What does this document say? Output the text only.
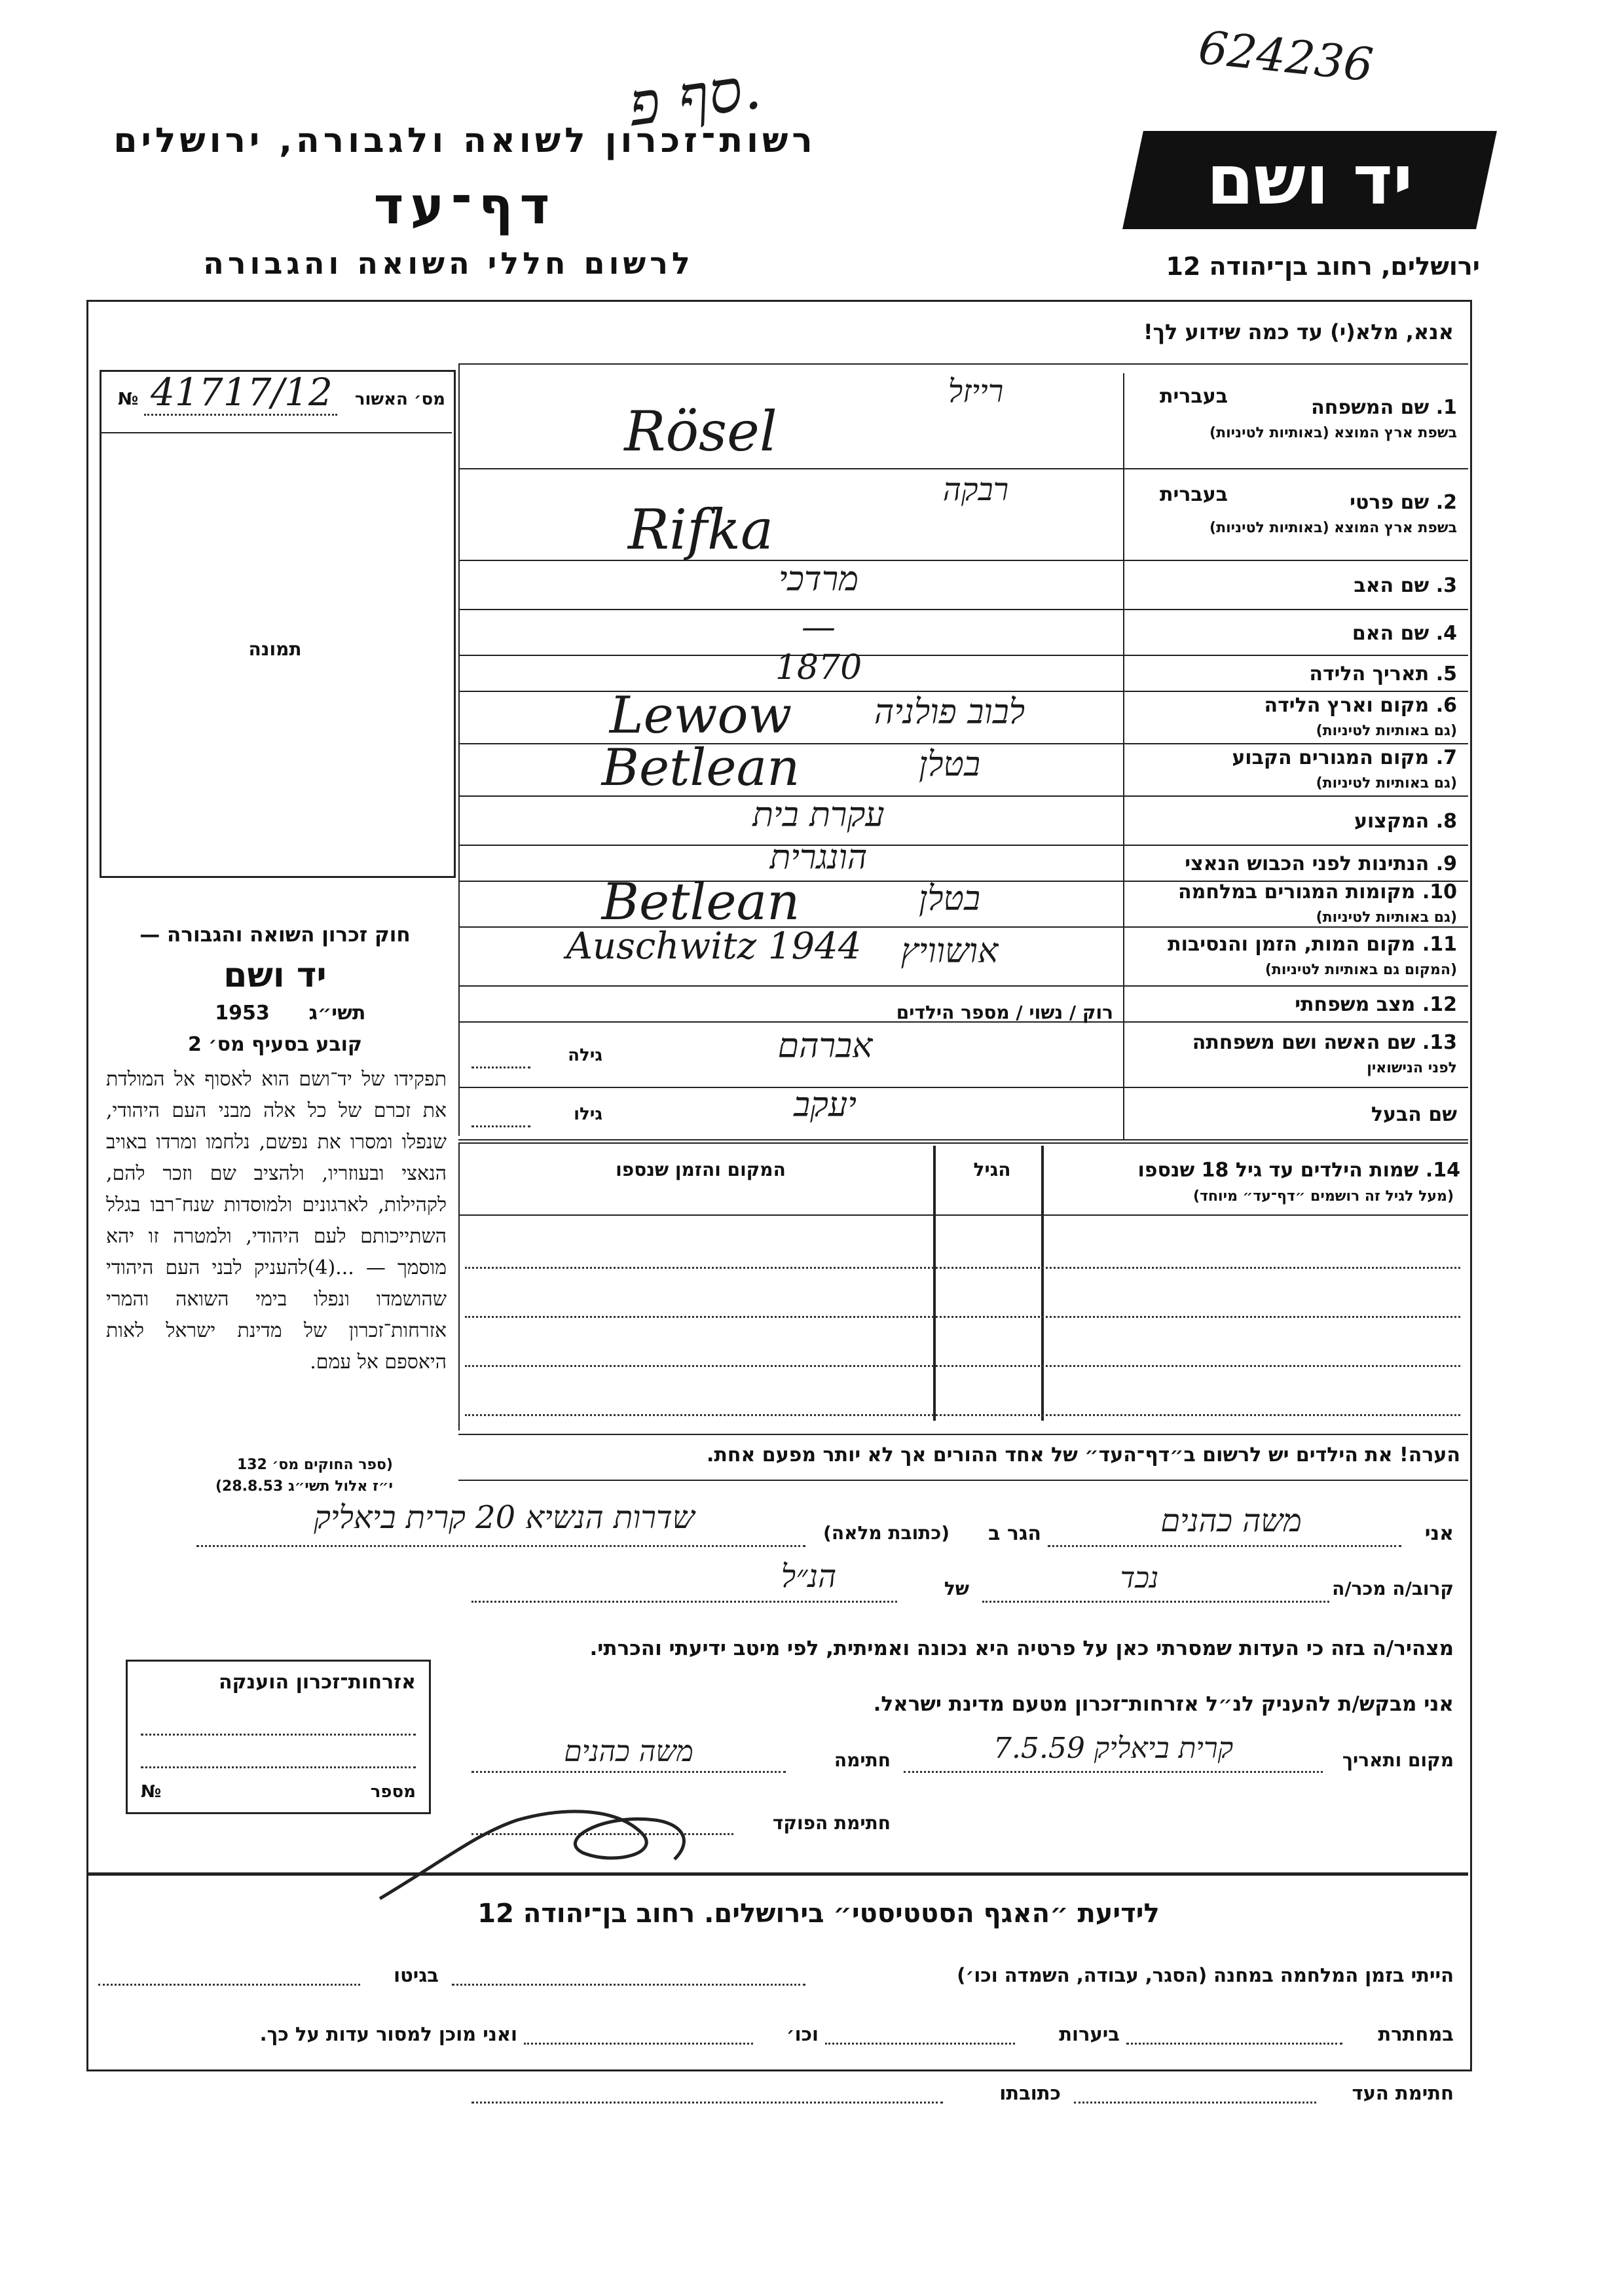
סף פ.	624236
רשות־זכרון לשואה ולגבורה, ירושלים
דף־עד
לרשום חללי השואה והגבורה
יד ושם
ירושלים, רחוב בן־יהודה 12
אנא, מלא(י) עד כמה שידוע לך!
מס׳ האשור
№ 41717/12
תמונה
חוק זכרון השואה והגבורה —
יד ושם
תשי״ג
1953
קובע בסעיף מס׳ 2
תפקידו של יד־ושם הוא לאסוף אל המולדת את זכרם של כל אלה מבני העם היהודי, שנפלו ומסרו את נפשם, נלחמו ומרדו באויב הנאצי ובעוזריו, ולהציב שם וזכר להם, לקהילות, לארגונים ולמוסדות שנח־רבו בגלל השתייכותם לעם היהודי, ולמטרה זו יהא מוסמך — ...(4)להעניק לבני העם היהודי שהושמדו ונפלו בימי השואה והמרי אזרחות־זכרון של מדינת ישראל לאות היאספם אל עמם.
(ספר החוקים מס׳ 132
י״ז אלול תשי״ג 28.8.53)
1. שם המשפחה
בשפת ארץ המוצא (באותיות לטיניות)
בעברית
רייזל
Rösel
2. שם פרטי
בשפת ארץ המוצא (באותיות לטיניות)
בעברית
רבקה
Rifka
3. שם האב
מרדכי
4. שם האם
—
5. תאריך הלידה
1870
6. מקום וארץ הלידה
(גם באותיות לטיניות)
Lewow	לבוב פולניה
7. מקום המגורים הקבוע
(גם באותיות לטיניות)
Betlean	בטלן
8. המקצוע
עקרת בית
9. הנתינות לפני הכבוש הנאצי
הונגרית
10. מקומות המגורים במלחמה
(גם באותיות לטיניות)
Betlean	בטלן
11. מקום המות, הזמן והנסיבות
(המקום גם באותיות לטיניות)
Auschwitz 1944	אושוויץ
12. מצב משפחתי
רוק / נשוי / מספר הילדים
13. שם האשה ושם משפחתה
לפני הנישואין
גילה	אברהם
שם הבעל
גילו	יעקב
14. שמות הילדים עד גיל 18 שנספו
(מעל לגיל זה רושמים ״דף־עד״ מיוחד)
הגיל
המקום והזמן שנספו
הערה! את הילדים יש לרשום ב״דף־העד״ של אחד ההורים אך לא יותר מפעם אחת.
אני
משה כהנים
הגר ב
(כתובת מלאה)
שדרות הנשיא 20 קרית ביאליק
קרוב/ה מכר/ה
נכד
של
הנ״ל
מצהיר/ה בזה כי העדות שמסרתי כאן על פרטיה היא נכונה ואמיתית, לפי מיטב ידיעתי והכרתי.
אני מבקש/ת להעניק לנ״ל אזרחות־זכרון מטעם מדינת ישראל.
מקום ותאריך
קרית ביאליק 7.5.59
חתימה
משה כהנים
חתימת הפוקד
אזרחות־זכרון הוענקה
מספר
№
לידיעת ״האגף הסטטיסטי״ בירושלים. רחוב בן־יהודה 12
הייתי בזמן המלחמה במחנה (הסגר, עבודה, השמדה וכו׳)
בגיטו
במחתרת
ביערות
וכו׳
ואני מוכן למסור עדות על כך.
חתימת העד
כתובתו
